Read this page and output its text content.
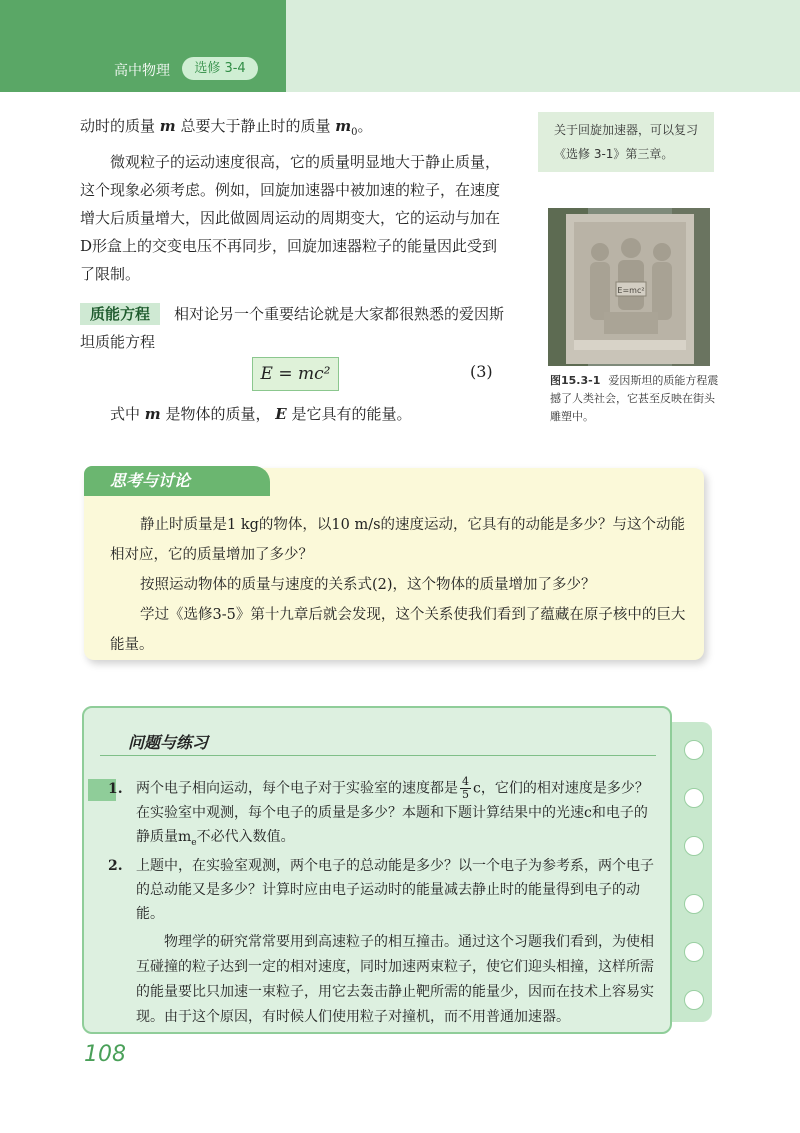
高中物理	选修 3-4
动时的质量 m 总要大于静止时的质量 $m_0$。
微观粒子的运动速度很高，它的质量明显地大于静止质量，这个现象必须考虑。例如，回旋加速器中被加速的粒子，在速度增大后质量增大，因此做圆周运动的周期变大，它的运动与加在D形盒上的交变电压不再同步，回旋加速器粒子的能量因此受到了限制。
质能方程 相对论另一个重要结论就是大家都很熟悉的爱因斯坦质能方程
E = mc²	(3)
式中 m 是物体的质量， E 是它具有的能量。
关于回旋加速器，可以复习《选修 3-1》第三章。
E=mc²
图15.3-1 爱因斯坦的质能方程震撼了人类社会，它甚至反映在街头雕塑中。
思考与讨论

静止时质量是1 kg的物体，以10 m/s的速度运动，它具有的动能是多少？与这个动能相对应，它的质量增加了多少？

按照运动物体的质量与速度的关系式(2)，这个物体的质量增加了多少？

学过《选修3-5》第十九章后就会发现，这个关系使我们看到了蕴藏在原子核中的巨大能量。

问题与练习
1. 两个电子相向运动，每个电子对于实验室的速度都是 $\frac{4}{5}$ c，它们的相对速度是多少？在实验室中观测，每个电子的质量是多少？本题和下题计算结果中的光速c和电子的静质量$m_e$不必代入数值。
2. 上题中，在实验室观测，两个电子的总动能是多少？以一个电子为参考系，两个电子的总动能又是多少？计算时应由电子运动时的能量减去静止时的能量得到电子的动能。
物理学的研究常常要用到高速粒子的相互撞击。通过这个习题我们看到，为使相互碰撞的粒子达到一定的相对速度，同时加速两束粒子，使它们迎头相撞，这样所需的能量要比只加速一束粒子，用它去轰击静止靶所需的能量少，因而在技术上容易实现。由于这个原因，有时候人们使用粒子对撞机，而不用普通加速器。
108
